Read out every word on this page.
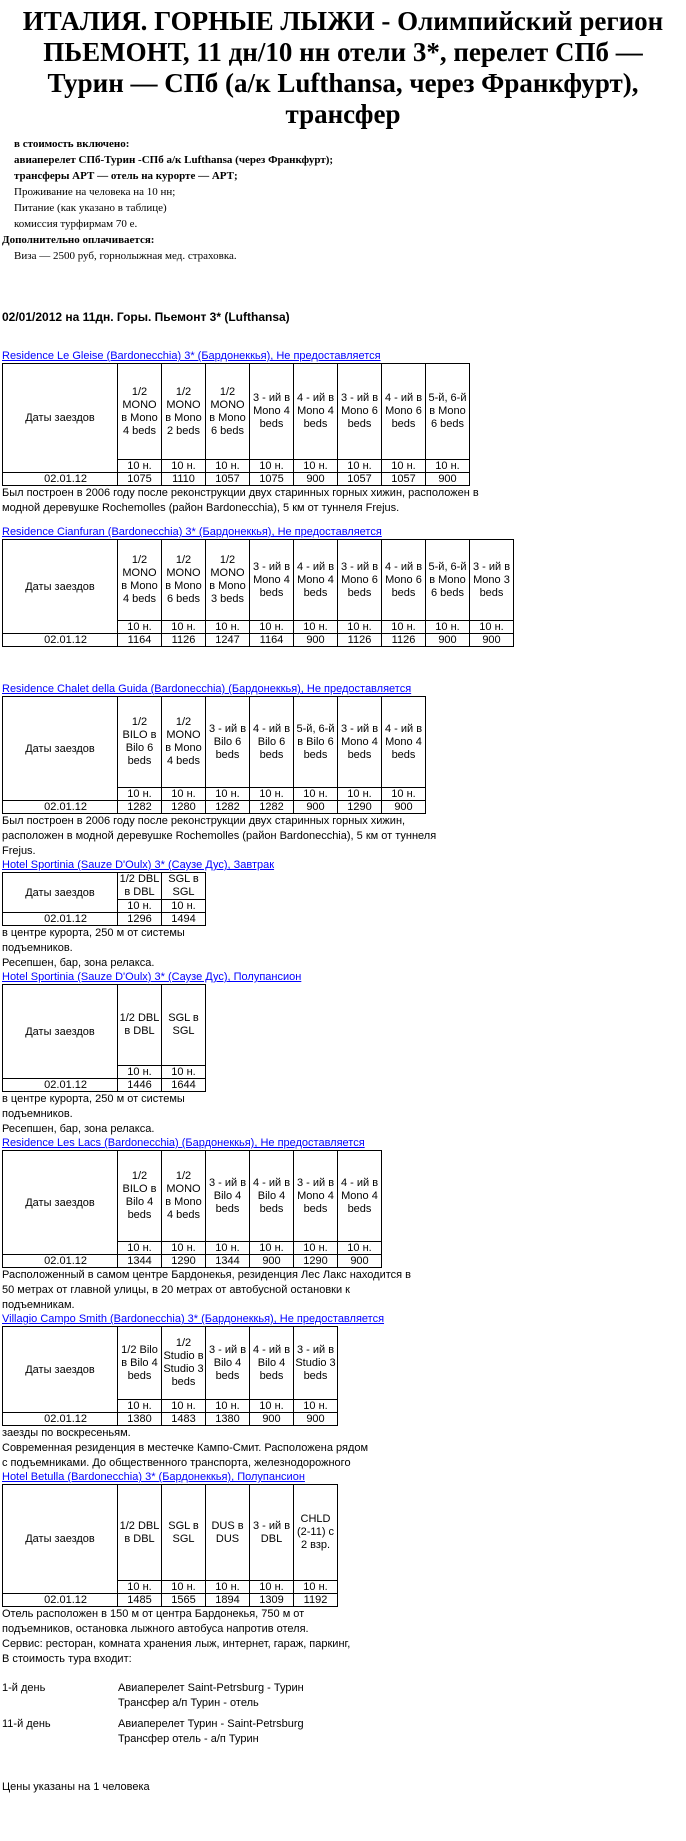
ИТАЛИЯ. ГОРНЫЕ ЛЫЖИ - Олимпийский регион ПЬЕМОНТ, 11 дн/10 нн отели 3*, перелет СПб — Турин — СПб (а/к Lufthansa, через Франкфурт), трансфер
в стоимость включено:
авиаперелет СПб-Турин -СПб а/к Lufthansa (через Франкфурт);
трансферы АРТ — отель на курорте — АРТ;
Проживание на человека на 10 нн;
Питание (как указано в таблице)
комиссия турфирмам 70 е.
Дополнительно оплачивается:
Виза — 2500 руб, горнолыжная мед. страховка.
02/01/2012 на 11дн. Горы. Пьемонт 3* (Lufthansa)
Residence Le Gleise (Bardonecchia) 3* (Бардонеккья), Не предоставляется
Даты заездов	1/2 MONO в Mono 4 beds	1/2 MONO в Mono 2 beds	1/2 MONO в Mono 6 beds	3 - ий в Mono 4 beds	4 - ий в Mono 4 beds	3 - ий в Mono 6 beds	4 - ий в Mono 6 beds	5-й, 6-й в Mono 6 beds
	10 н.	10 н.	10 н.	10 н.	10 н.	10 н.	10 н.	10 н.
02.01.12	1075	1110	1057	1075	900	1057	1057	900
Был построен в 2006 году после реконструкции двух старинных горных хижин, расположен в
модной деревушке Rochemolles (район Bardonecchia), 5 км от туннеля Frejus.
Residence Cianfuran (Bardonecchia) 3* (Бардонеккья), Не предоставляется
Даты заездов	1/2 MONO в Mono 4 beds	1/2 MONO в Mono 6 beds	1/2 MONO в Mono 3 beds	3 - ий в Mono 4 beds	4 - ий в Mono 4 beds	3 - ий в Mono 6 beds	4 - ий в Mono 6 beds	5-й, 6-й в Mono 6 beds	3 - ий в Mono 3 beds
	10 н.	10 н.	10 н.	10 н.	10 н.	10 н.	10 н.	10 н.	10 н.
02.01.12	1164	1126	1247	1164	900	1126	1126	900	900
Residence Chalet della Guida (Bardonecchia) (Бардонеккья), Не предоставляется
Даты заездов	1/2 BILO в Bilo 6 beds	1/2 MONO в Mono 4 beds	3 - ий в Bilo 6 beds	4 - ий в Bilo 6 beds	5-й, 6-й в Bilo 6 beds	3 - ий в Mono 4 beds	4 - ий в Mono 4 beds
	10 н.	10 н.	10 н.	10 н.	10 н.	10 н.	10 н.
02.01.12	1282	1280	1282	1282	900	1290	900
Был построен в 2006 году после реконструкции двух старинных горных хижин,
расположен в модной деревушке Rochemolles (район Bardonecchia), 5 км от туннеля
Frejus.
Hotel Sportinia (Sauze D'Oulx) 3* (Саузе Дус), Завтрак
Даты заездов	1/2 DBL в DBL	SGL в SGL
	10 н.	10 н.
02.01.12	1296	1494
в центре курорта, 250 м от системы
подъемников.
Ресепшен, бар, зона релакса.
Hotel Sportinia (Sauze D'Oulx) 3* (Саузе Дус), Полупансион
Даты заездов	1/2 DBL в DBL	SGL в SGL
	10 н.	10 н.
02.01.12	1446	1644
в центре курорта, 250 м от системы
подъемников.
Ресепшен, бар, зона релакса.
Residence Les Lacs (Bardonecchia) (Бардонеккья), Не предоставляется
Даты заездов	1/2 BILO в Bilo 4 beds	1/2 MONO в Mono 4 beds	3 - ий в Bilo 4 beds	4 - ий в Bilo 4 beds	3 - ий в Mono 4 beds	4 - ий в Mono 4 beds
	10 н.	10 н.	10 н.	10 н.	10 н.	10 н.
02.01.12	1344	1290	1344	900	1290	900
Расположенный в самом центре Бардонекья, резиденция Лес Лакс находится в
50 метрах от главной улицы, в 20 метрах от автобусной остановки к
подъемникам.
Villagio Campo Smith (Bardonecchia) 3* (Бардонеккья), Не предоставляется
Даты заездов	1/2 Bilo в Bilo 4 beds	1/2 Studio в Studio 3 beds	3 - ий в Bilo 4 beds	4 - ий в Bilo 4 beds	3 - ий в Studio 3 beds
	10 н.	10 н.	10 н.	10 н.	10 н.
02.01.12	1380	1483	1380	900	900
заезды по воскресеньям.
Современная резиденция в местечке Кампо-Смит. Расположена рядом
с подъемниками. До общественного транспорта, железнодорожного
Hotel Betulla (Bardonecchia) 3* (Бардонеккья), Полупансион
Даты заездов	1/2 DBL в DBL	SGL в SGL	DUS в DUS	3 - ий в DBL	CHLD (2-11) с 2 взр.
	10 н.	10 н.	10 н.	10 н.	10 н.
02.01.12	1485	1565	1894	1309	1192
Отель расположен в 150 м от центра Бардонекья, 750 м от
подъемников, остановка лыжного автобуса напротив отеля.
Сервис: ресторан, комната хранения лыж, интернет, гараж, паркинг,
В стоимость тура входит:
1-й день	Авиаперелет Saint-Petrsburg - Турин
Трансфер а/п Турин - отель
11-й день	Авиаперелет Турин - Saint-Petrsburg
Трансфер отель - а/п Турин
Цены указаны на 1 человека
